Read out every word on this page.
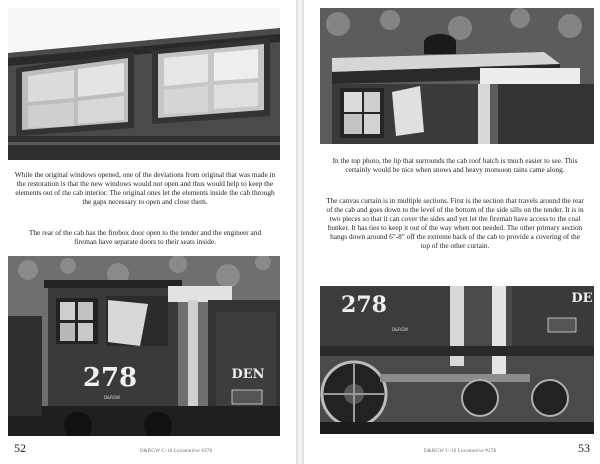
While the original windows opened, one of the deviations from original that was made in the restoration is that the new windows would not open and thus would help to keep the elements out of the cab interior. The original ones let the elements inside the cab through the gaps necessary to open and close them.

The rear of the cab has the firebox door open to the tender and the engineer and fireman have separate doors to their seats inside.

278	DEN
D&RGW
52	D&RGW C-16 Locomotive #278

In the top photo, the lip that surrounds the cab roof hatch is much easier to see. This certainly would be nice when snows and heavy monsoon rains came along.

The canvas curtain is in multiple sections. First is the section that travels around the rear of the cab and goes down to the level of the bottom of the side sills on the tender. It is in two pieces so that it can cover the sides and yet let the fireman have access to the coal bunker. It has ties to keep it out of the way when not needed. The other primary section hangs down around 6"-8" off the extreme back of the cab to provide a covering of the top of the other curtain.

278
D&RGW
DE
D&RGW C-16 Locomotive #278	53
